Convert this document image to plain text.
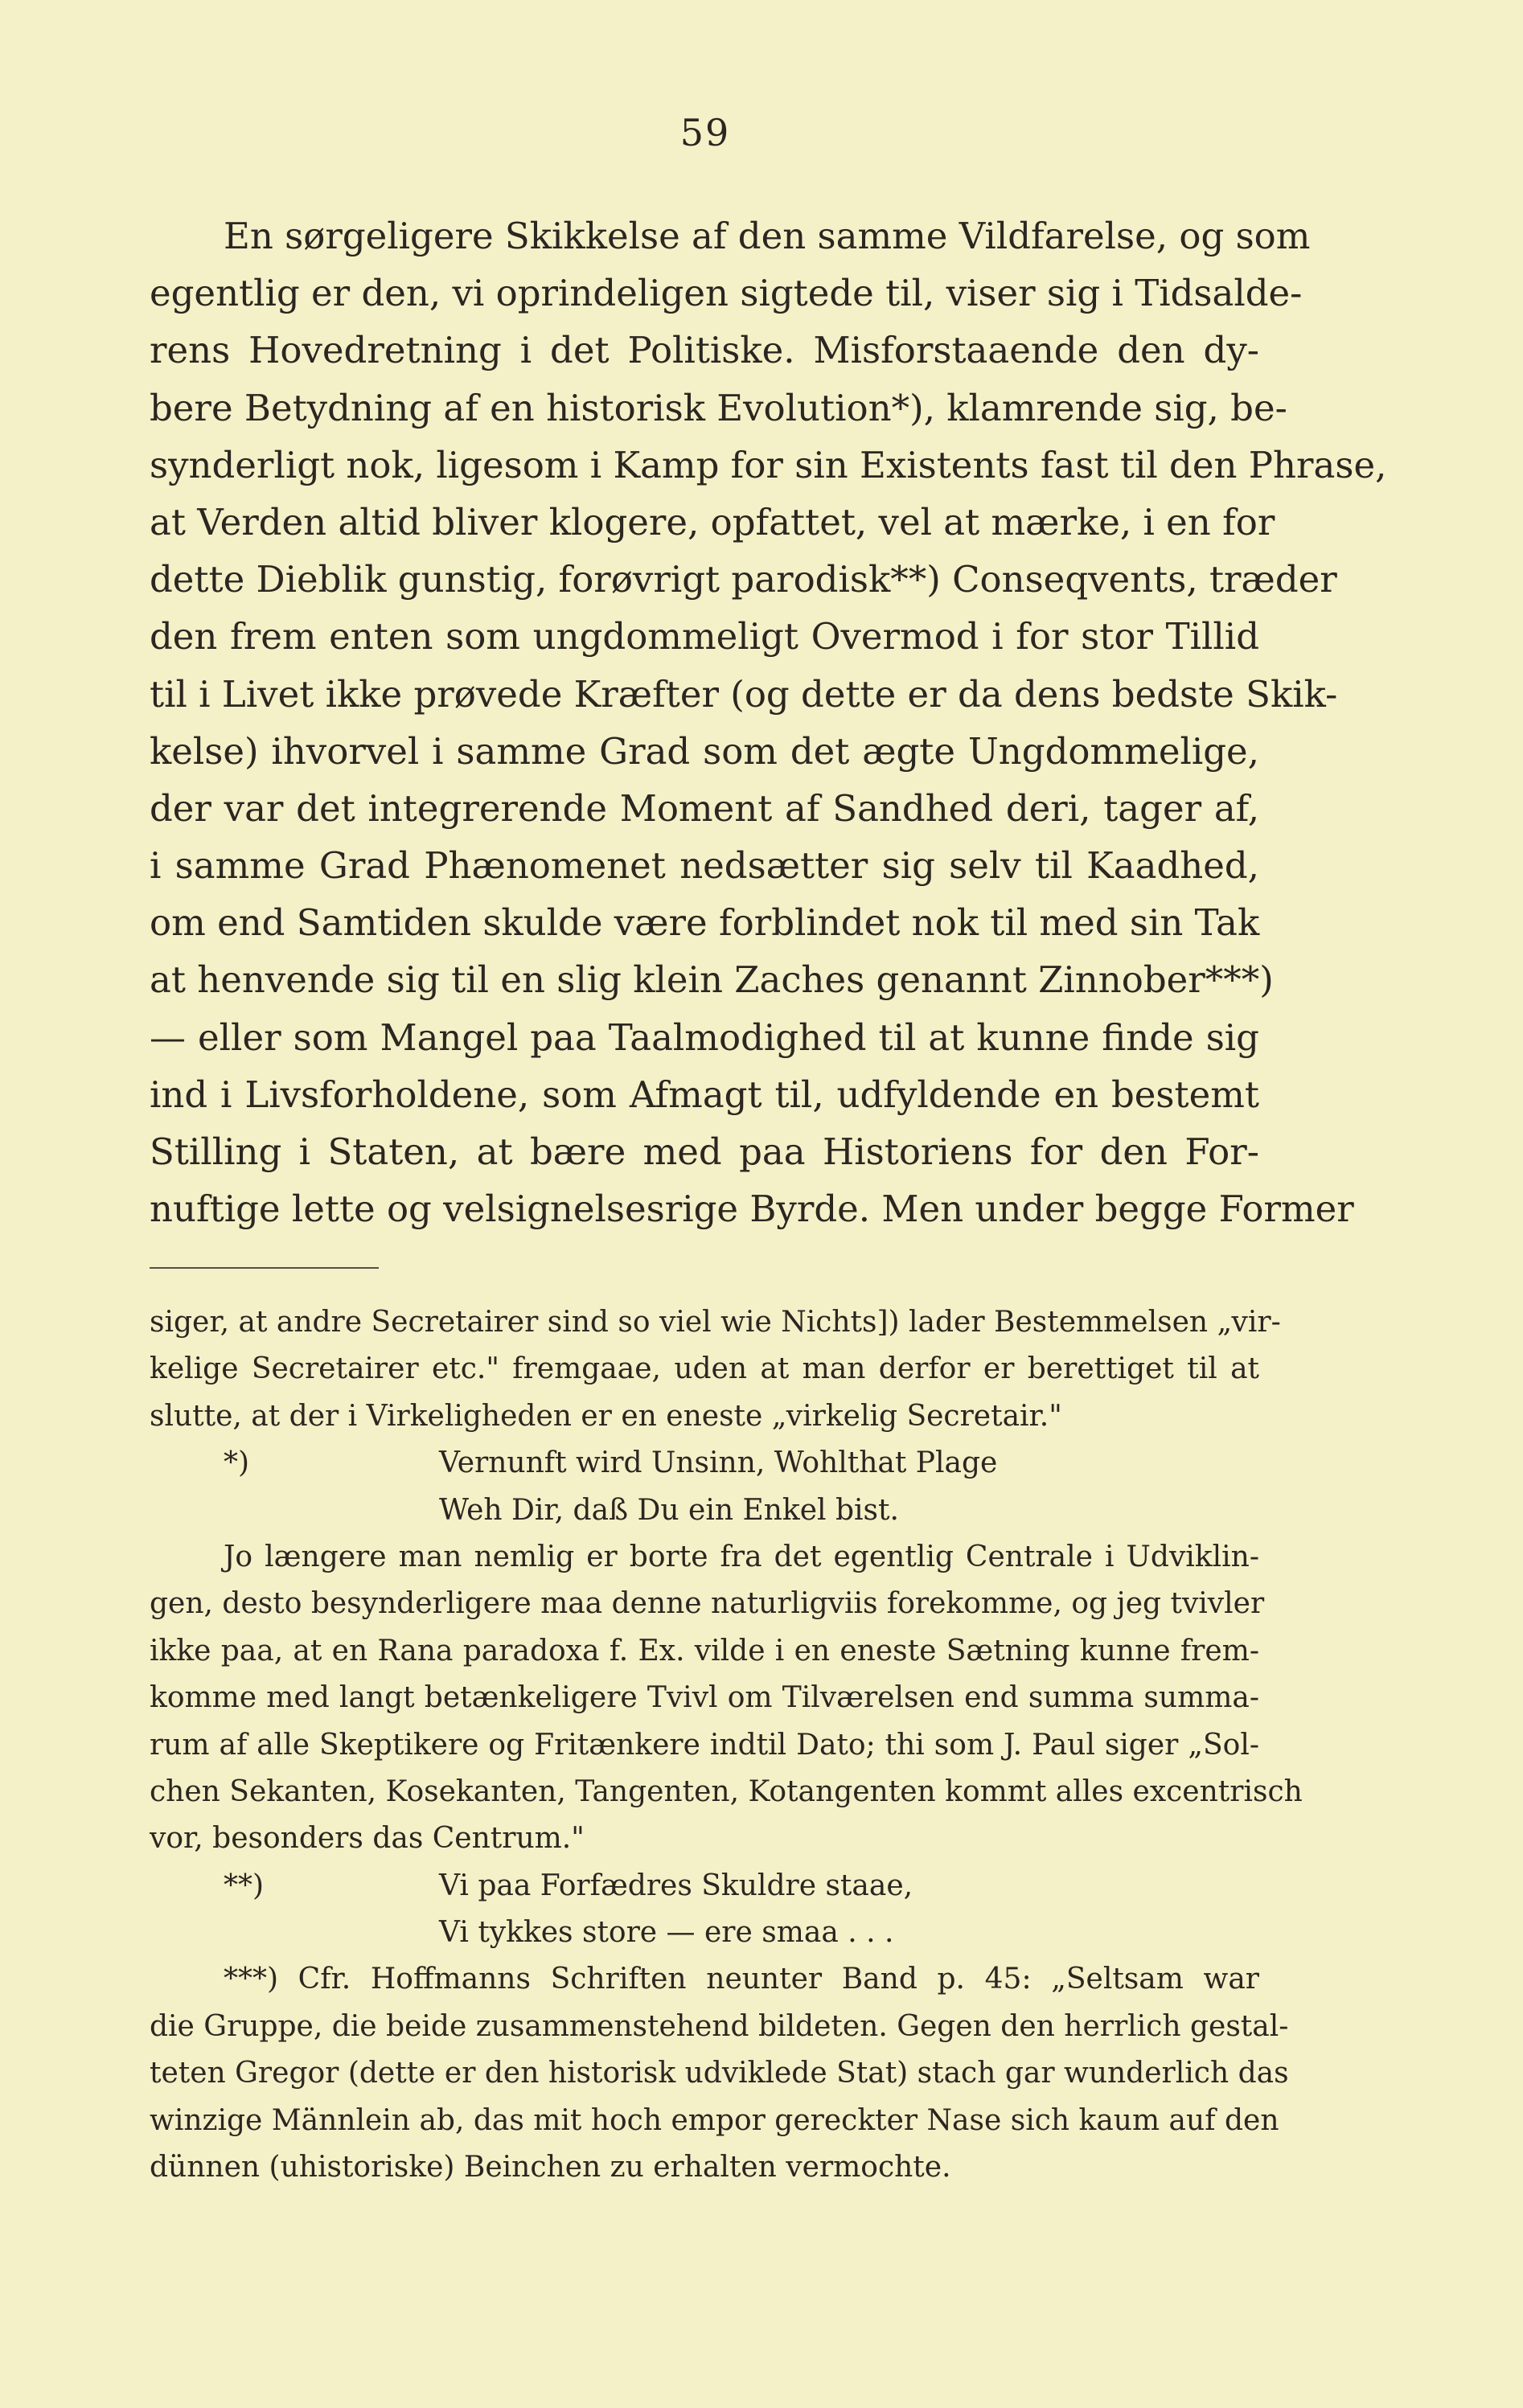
59
En sørgeligere Skikkelse af den samme Vildfarelse, og som
egentlig er den, vi oprindeligen sigtede til, viser sig i Tidsalde-
rens Hovedretning i det Politiske. Misforstaaende den dy-
bere Betydning af en historisk Evolution*), klamrende sig, be-
synderligt nok, ligesom i Kamp for sin Existents fast til den Phrase,
at Verden altid bliver klogere, opfattet, vel at mærke, i en for
dette Dieblik gunstig, forøvrigt parodisk**) Conseqvents, træder
den frem enten som ungdommeligt Overmod i for stor Tillid
til i Livet ikke prøvede Kræfter (og dette er da dens bedste Skik-
kelse) ihvorvel i samme Grad som det ægte Ungdommelige,
der var det integrerende Moment af Sandhed deri, tager af,
i samme Grad Phænomenet nedsætter sig selv til Kaadhed,
om end Samtiden skulde være forblindet nok til med sin Tak
at henvende sig til en slig klein Zaches genannt Zinnober***)
— eller som Mangel paa Taalmodighed til at kunne finde sig
ind i Livsforholdene, som Afmagt til, udfyldende en bestemt
Stilling i Staten, at bære med paa Historiens for den For-
nuftige lette og velsignelsesrige Byrde. Men under begge Former
siger, at andre Secretairer sind so viel wie Nichts]) lader Bestemmelsen „vir-
kelige Secretairer etc." fremgaae, uden at man derfor er berettiget til at
slutte, at der i Virkeligheden er en eneste „virkelig Secretair."
*)	Vernunft wird Unsinn, Wohlthat Plage
Weh Dir, daß Du ein Enkel bist.
Jo længere man nemlig er borte fra det egentlig Centrale i Udviklin-
gen, desto besynderligere maa denne naturligviis forekomme, og jeg tvivler
ikke paa, at en Rana paradoxa f. Ex. vilde i en eneste Sætning kunne frem-
komme med langt betænkeligere Tvivl om Tilværelsen end summa summa-
rum af alle Skeptikere og Fritænkere indtil Dato; thi som J. Paul siger „Sol-
chen Sekanten, Kosekanten, Tangenten, Kotangenten kommt alles excentrisch
vor, besonders das Centrum."
**)	Vi paa Forfædres Skuldre staae,
Vi tykkes store — ere smaa . . .
***) Cfr. Hoffmanns Schriften neunter Band p. 45: „Seltsam war
die Gruppe, die beide zusammenstehend bildeten. Gegen den herrlich gestal-
teten Gregor (dette er den historisk udviklede Stat) stach gar wunderlich das
winzige Männlein ab, das mit hoch empor gereckter Nase sich kaum auf den
dünnen (uhistoriske) Beinchen zu erhalten vermochte.
